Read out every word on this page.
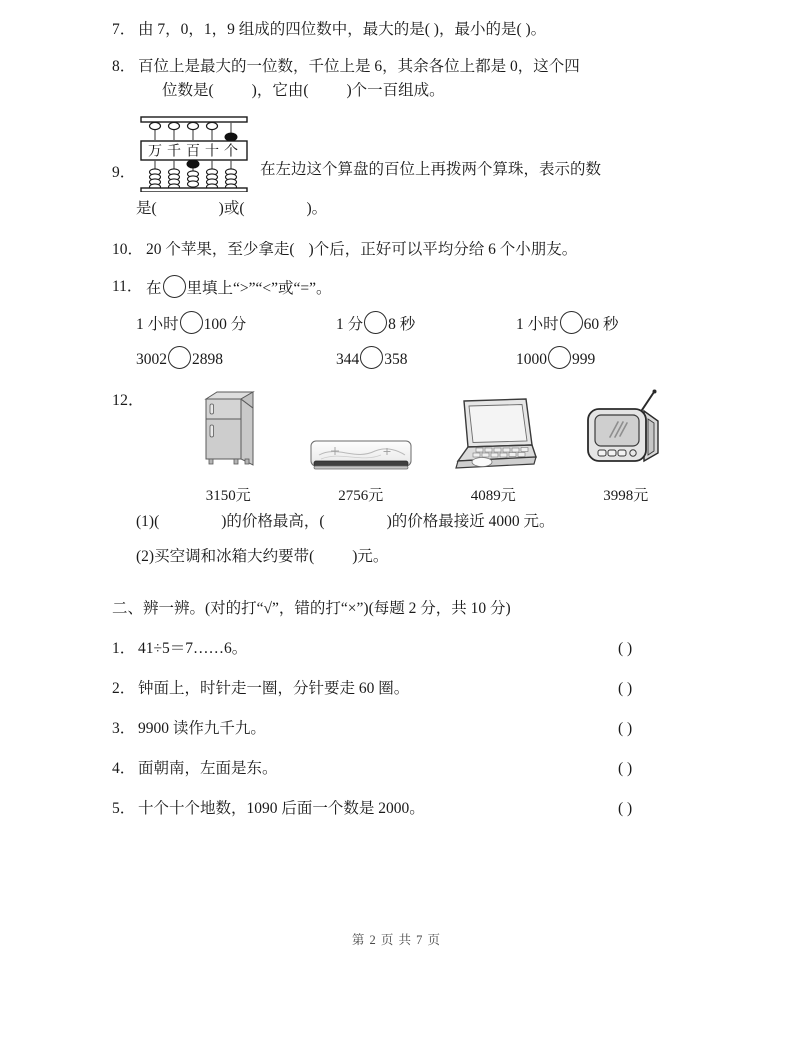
7． 由 7，0，1，9 组成的四位数中，最大的是( )，最小的是( )。

8． 百位上是最大的一位数，千位上是 6，其余各位上都是 0，这个四

位数是( )，它由( )个一百组成。

9．
万 千 百 十 个
在左边这个算盘的百位上再拨两个算珠，表示的数
是(	)或(	)。
10． 20 个苹果，至少拿走( )个后，正好可以平均分给 6 个小朋友。

11． 在 里填上“>”“<”或“=”。

1 小时 100 分	1 分 8 秒	1 小时 60 秒
3002 2898	344 358	1000 999
12．
3150元	2756元	4089元	3998元
(1)(	)的价格最高，(	)的价格最接近 4000 元。
(2)买空调和冰箱大约要带( )元。
二、辨一辨。(对的打“√”，错的打“×”)(每题 2 分，共 10 分)
1． 41÷5＝7……6。	( )
2． 钟面上，时针走一圈，分针要走 60 圈。	( )
3． 9900 读作九千九。	( )
4． 面朝南，左面是东。	( )
5． 十个十个地数，1090 后面一个数是 2000。	( )
第 2 页 共 7 页
